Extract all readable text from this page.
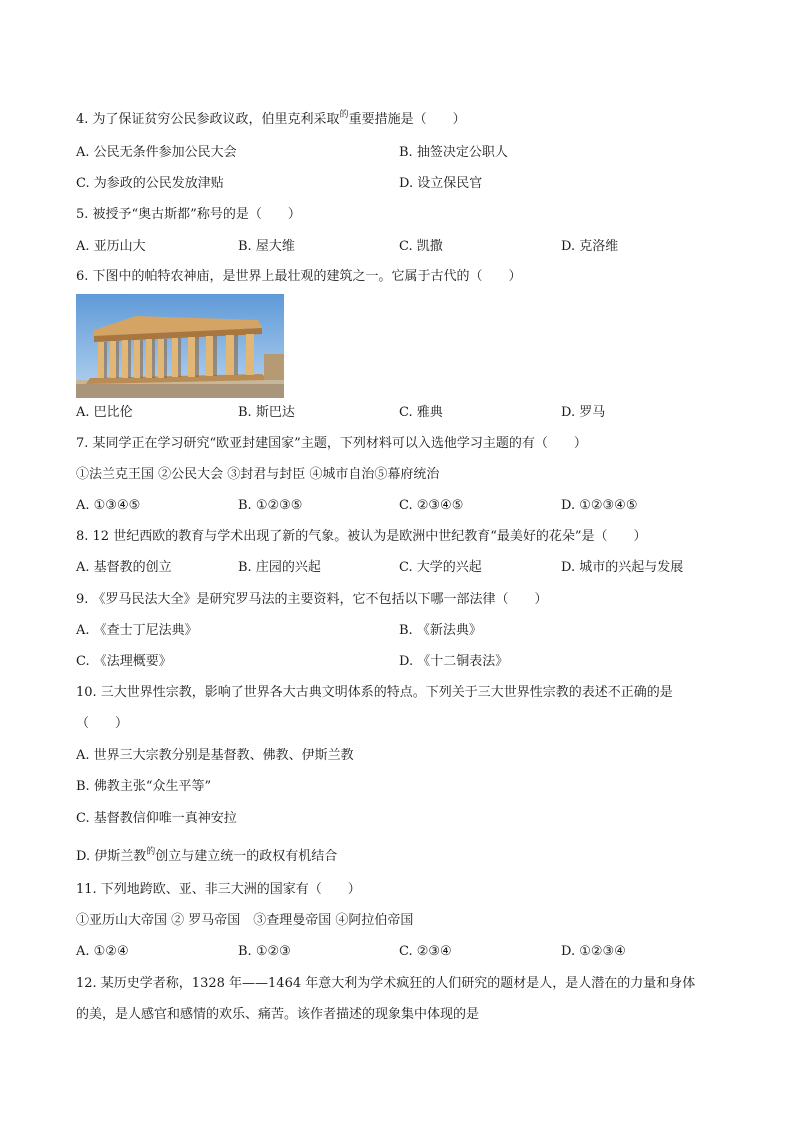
4. 为了保证贫穷公民参政议政，伯里克利采取$^的$重要措施是（　　）
A. 公民无条件参加公民大会	B. 抽签决定公职人
C. 为参政的公民发放津贴	D. 设立保民官
5. 被授予“奥古斯都”称号的是（　　）
A. 亚历山大	B. 屋大维	C. 凯撒	D. 克洛维
6. 下图中的帕特农神庙，是世界上最壮观的建筑之一。它属于古代的（　　）
A. 巴比伦	B. 斯巴达	C. 雅典	D. 罗马
7. 某同学正在学习研究“欧亚封建国家”主题，下列材料可以入选他学习主题的有（　　）
①法兰克王国 ②公民大会 ③封君与封臣 ④城市自治⑤幕府统治
A. ①③④⑤	B. ①②③⑤	C. ②③④⑤	D. ①②③④⑤
8. 12 世纪西欧的教育与学术出现了新的气象。被认为是欧洲中世纪教育“最美好的花朵”是（　　）
A. 基督教的创立	B. 庄园的兴起	C. 大学的兴起	D. 城市的兴起与发展
9. 《罗马民法大全》是研究罗马法的主要资料，它不包括以下哪一部法律（　　）
A. 《查士丁尼法典》	B. 《新法典》
C. 《法理概要》	D. 《十二铜表法》
10. 三大世界性宗教，影响了世界各大古典文明体系的特点。下列关于三大世界性宗教的表述不正确的是
（　　）
A. 世界三大宗教分别是基督教、佛教、伊斯兰教
B. 佛教主张“众生平等”
C. 基督教信仰唯一真神安拉
D. 伊斯兰教$^的$创立与建立统一的政权有机结合
11. 下列地跨欧、亚、非三大洲的国家有（　　）
①亚历山大帝国 ② 罗马帝国　③查理曼帝国 ④阿拉伯帝国
A. ①②④	B. ①②③	C. ②③④	D. ①②③④
12. 某历史学者称，1328 年——1464 年意大利为学术疯狂的人们研究的题材是人，是人潜在的力量和身体
的美，是人感官和感情的欢乐、痛苦。该作者描述的现象集中体现的是
